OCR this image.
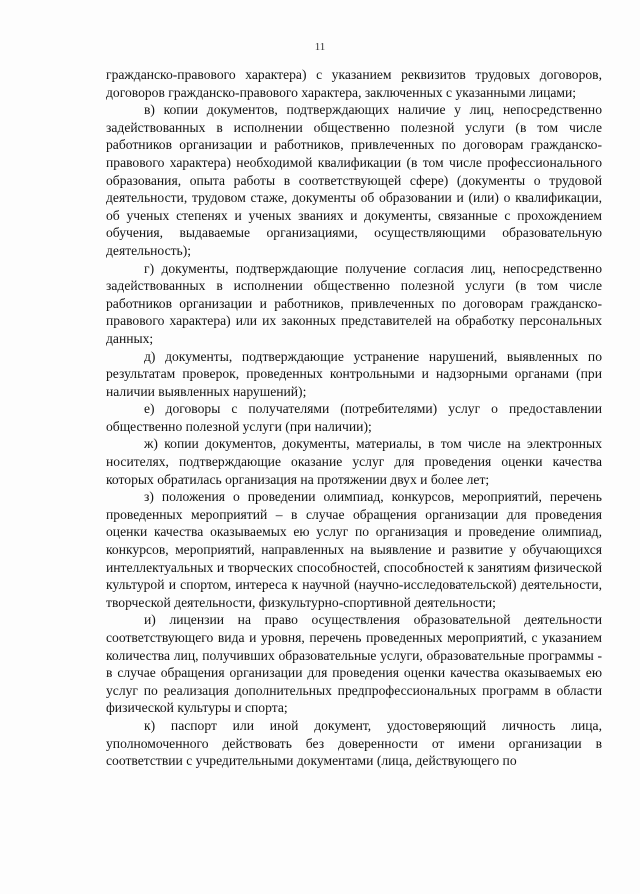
11

гражданско-правового характера) с указанием реквизитов трудовых договоров, договоров гражданско-правового характера, заключенных с указанными лицами;

в) копии документов, подтверждающих наличие у лиц, непосредственно задействованных в исполнении общественно полезной услуги (в том числе работников организации и работников, привлеченных по договорам гражданско-правового характера) необходимой квалификации (в том числе профессионального образования, опыта работы в соответствующей сфере) (документы о трудовой деятельности, трудовом стаже, документы об образовании и (или) о квалификации, об ученых степенях и ученых званиях и документы, связанные с прохождением обучения, выдаваемые организациями, осуществляющими образовательную деятельность);

г) документы, подтверждающие получение согласия лиц, непосредственно задействованных в исполнении общественно полезной услуги (в том числе работников организации и работников, привлеченных по договорам гражданско-правового характера) или их законных представителей на обработку персональных данных;

д) документы, подтверждающие устранение нарушений, выявленных по результатам проверок, проведенных контрольными и надзорными органами (при наличии выявленных нарушений);

е) договоры с получателями (потребителями) услуг о предоставлении общественно полезной услуги (при наличии);

ж) копии документов, документы, материалы, в том числе на электронных носителях, подтверждающие оказание услуг для проведения оценки качества которых обратилась организация на протяжении двух и более лет;

з) положения о проведении олимпиад, конкурсов, мероприятий, перечень проведенных мероприятий – в случае обращения организации для проведения оценки качества оказываемых ею услуг по организация и проведение олимпиад, конкурсов, мероприятий, направленных на выявление и развитие у обучающихся интеллектуальных и творческих способностей, способностей к занятиям физической культурой и спортом, интереса к научной (научно-исследовательской) деятельности, творческой деятельности, физкультурно-спортивной деятельности;

и) лицензии на право осуществления образовательной деятельности соответствующего вида и уровня, перечень проведенных мероприятий, с указанием количества лиц, получивших образовательные услуги, образовательные программы - в случае обращения организации для проведения оценки качества оказываемых ею услуг по реализация дополнительных предпрофессиональных программ в области физической культуры и спорта;

к) паспорт или иной документ, удостоверяющий личность лица, уполномоченного действовать без доверенности от имени организации в соответствии с учредительными документами (лица, действующего по
